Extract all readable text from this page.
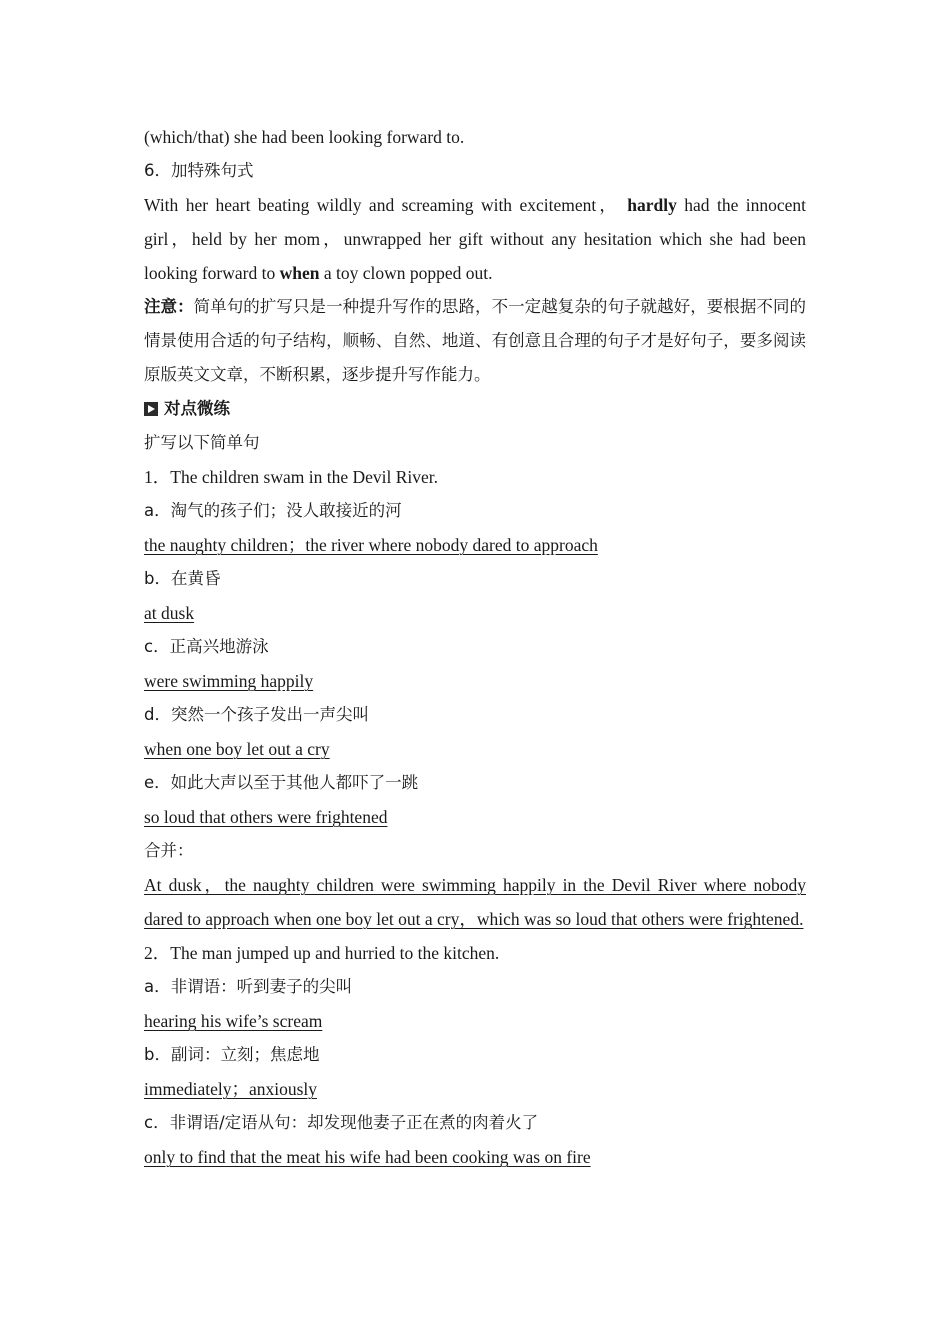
(which/that) she had been looking forward to.
6．加特殊句式
With her heart beating wildly and screaming with excitement， hardly had the innocent girl，held by her mom，unwrapped her gift without any hesitation which she had been looking forward to when a toy clown popped out.
注意：简单句的扩写只是一种提升写作的思路，不一定越复杂的句子就越好，要根据不同的情景使用合适的句子结构，顺畅、自然、地道、有创意且合理的句子才是好句子，要多阅读原版英文文章，不断积累，逐步提升写作能力。
对点微练
扩写以下简单句
1．The children swam in the Devil River.
a．淘气的孩子们；没人敢接近的河
the naughty children；the river where nobody dared to approach
b．在黄昏
at dusk
c．正高兴地游泳
were swimming happily
d．突然一个孩子发出一声尖叫
when one boy let out a cry
e．如此大声以至于其他人都吓了一跳
so loud that others were frightened
合并：
At dusk，the naughty children were swimming happily in the Devil River where nobody dared to approach when one boy let out a cry，which was so loud that others were frightened.
2．The man jumped up and hurried to the kitchen.
a．非谓语：听到妻子的尖叫
hearing his wife’s scream
b．副词：立刻；焦虑地
immediately；anxiously
c．非谓语/定语从句：却发现他妻子正在煮的肉着火了
only to find that the meat his wife had been cooking was on fire
